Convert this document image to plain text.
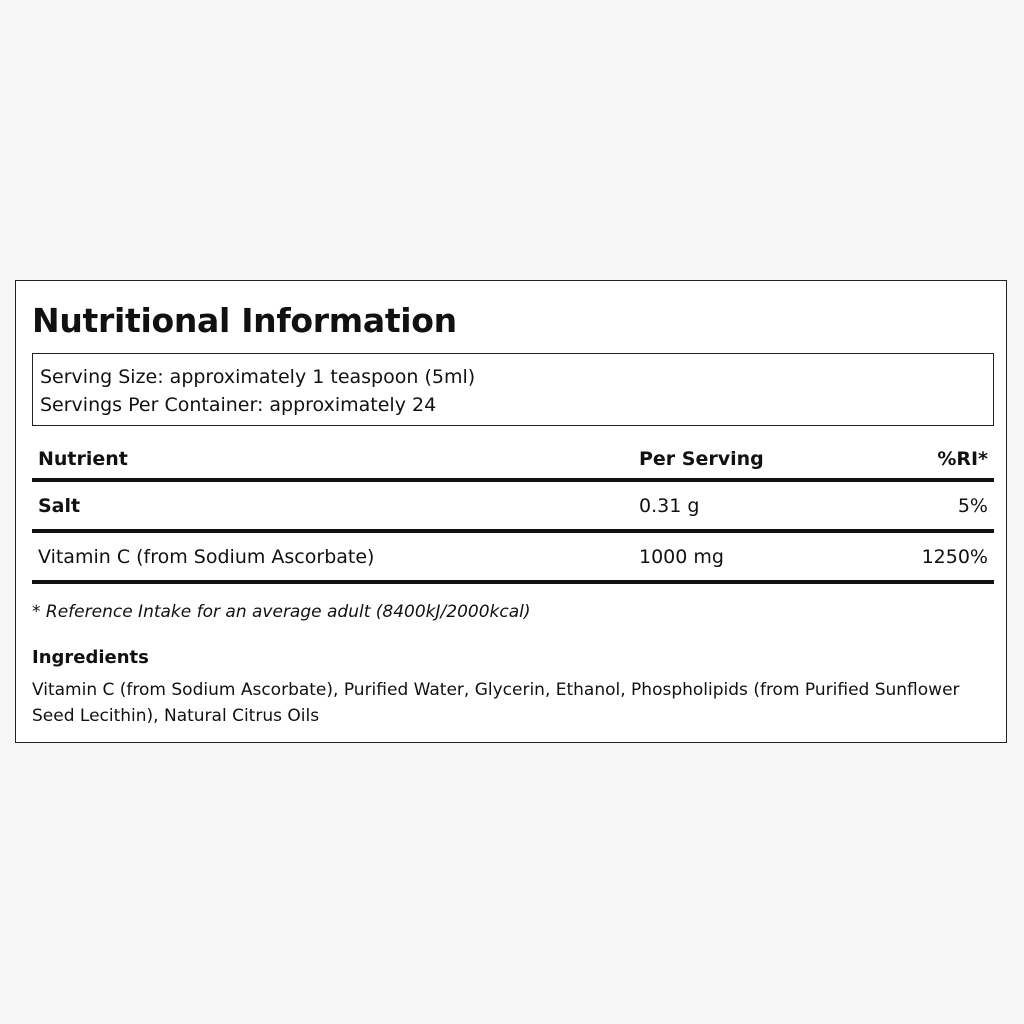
Nutritional Information
Serving Size: approximately 1 teaspoon (5ml)
Servings Per Container: approximately 24
Nutrient	Per Serving	%RI*
Salt	0.31 g	5%
Vitamin C (from Sodium Ascorbate)	1000 mg	1250%
* Reference Intake for an average adult (8400kJ/2000kcal)
Ingredients
Vitamin C (from Sodium Ascorbate), Purified Water, Glycerin, Ethanol, Phospholipids (from Purified Sunflower Seed Lecithin), Natural Citrus Oils
